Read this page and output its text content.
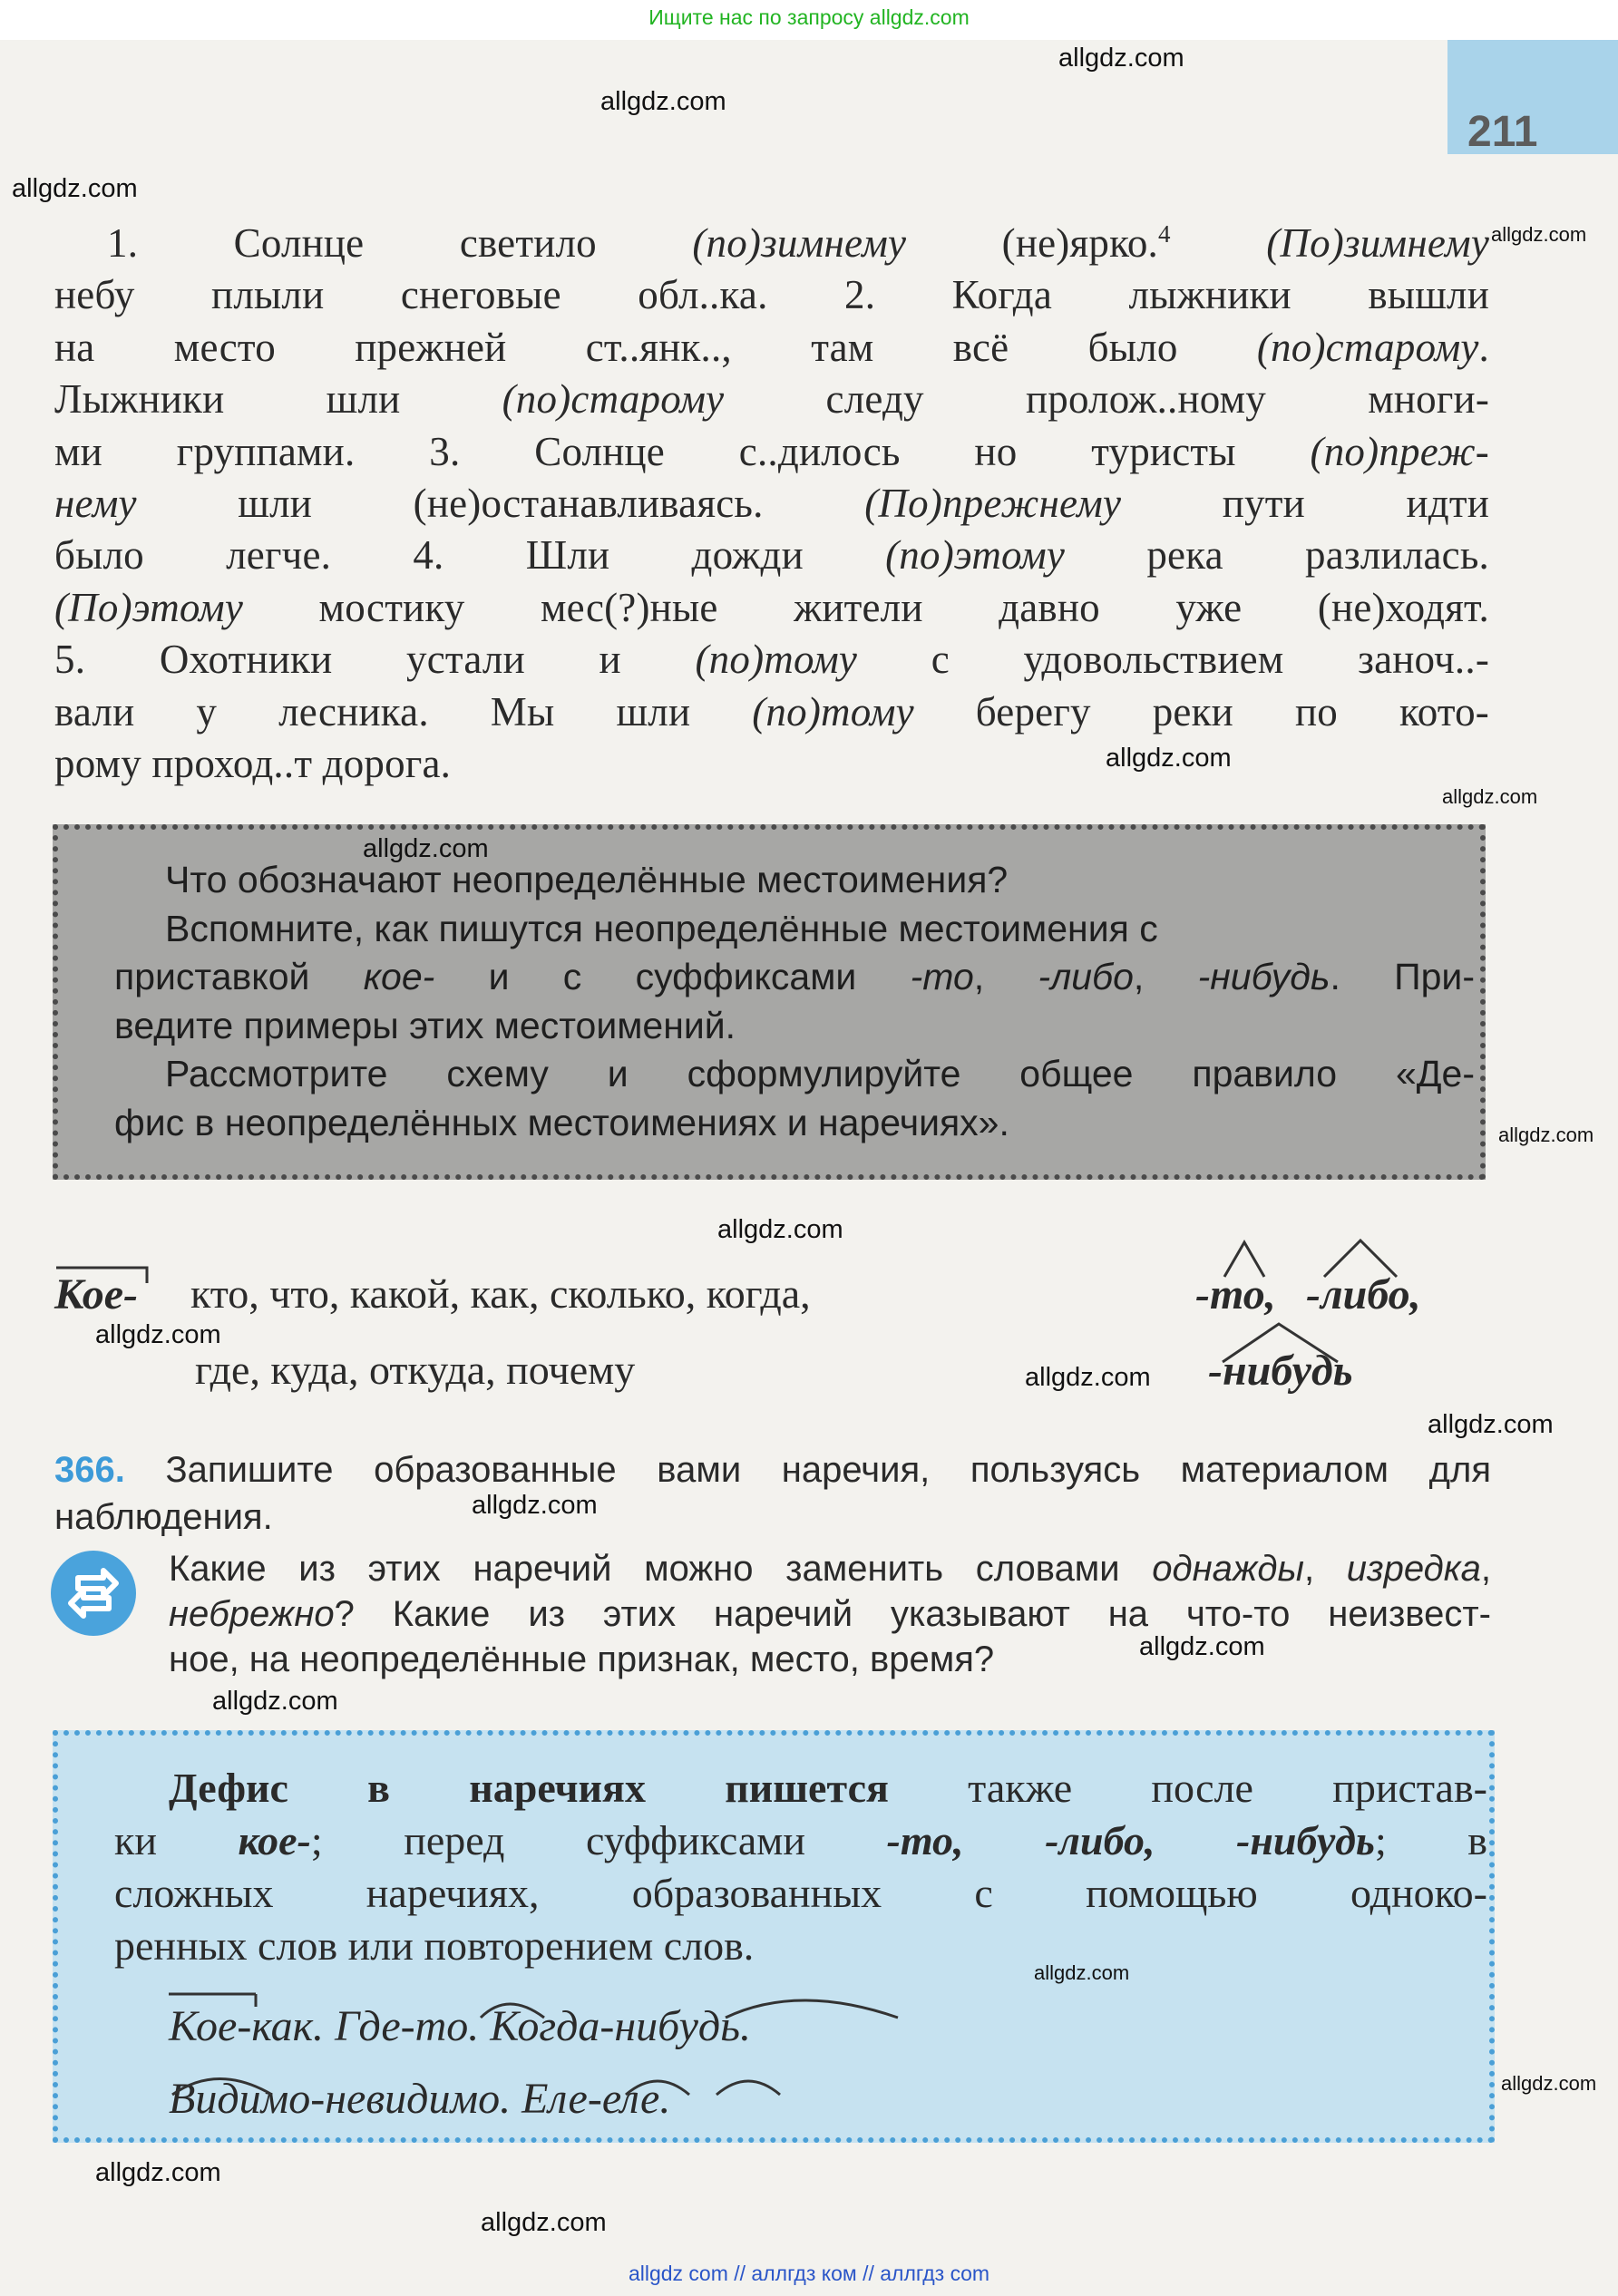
Ищите нас по запросу allgdz.com
211
1. Солнце светило (по)зимнему (не)ярко.$^4$ (По)зимнему
небу плыли снеговые обл..ка. 2. Когда лыжники вышли
на место прежней ст..янк.., там всё было (по)старому.
Лыжники шли (по)старому следу пролож..ному многи-
ми группами. 3. Солнце с..дилось но туристы (по)преж-
нему шли (не)останавливаясь. (По)прежнему пути идти
было легче. 4. Шли дожди (по)этому река разлилась.
(По)этому мостику мес(?)ные жители давно уже (не)ходят.
5. Охотники устали и (по)тому с удовольствием заноч..-
вали у лесника. Мы шли (по)тому берегу реки по кото-
рому проход..т дорога.
Что обозначают неопределённые местоимения?
Вспомните, как пишутся неопределённые местоимения с
приставкой кое- и с суффиксами -то, -либо, -нибудь. При-
ведите примеры этих местоимений.
Рассмотрите схему и сформулируйте общее правило «Де-
фис в неопределённых местоимениях и наречиях».
Кое- кто, что, какой, как, сколько, когда,
где, куда, откуда, почему
-то, -либо,
-нибудь
366. Запишите образованные вами наречия, пользуясь материалом для
наблюдения.
Какие из этих наречий можно заменить словами однажды, изредка,
небрежно? Какие из этих наречий указывают на что-то неизвест-
ное, на неопределённые признак, место, время?
Дефис в наречиях пишется также после пристав-
ки кое-; перед суффиксами -то, -либо, -нибудь; в
сложных наречиях, образованных с помощью одноко-
ренных слов или повторением слов.
Кое-как. Где-то. Когда-нибудь.
Видимо-невидимо. Еле-еле.
allgdz.com
allgdz.com
allgdz.com
allgdz.com
allgdz.com
allgdz.com
allgdz.com
allgdz.com
allgdz.com
allgdz.com
allgdz.com
allgdz.com
allgdz.com
allgdz.com
allgdz.com
allgdz.com
allgdz.com
allgdz.com
allgdz.com
allgdz com // аллгдз ком // аллгдз com
